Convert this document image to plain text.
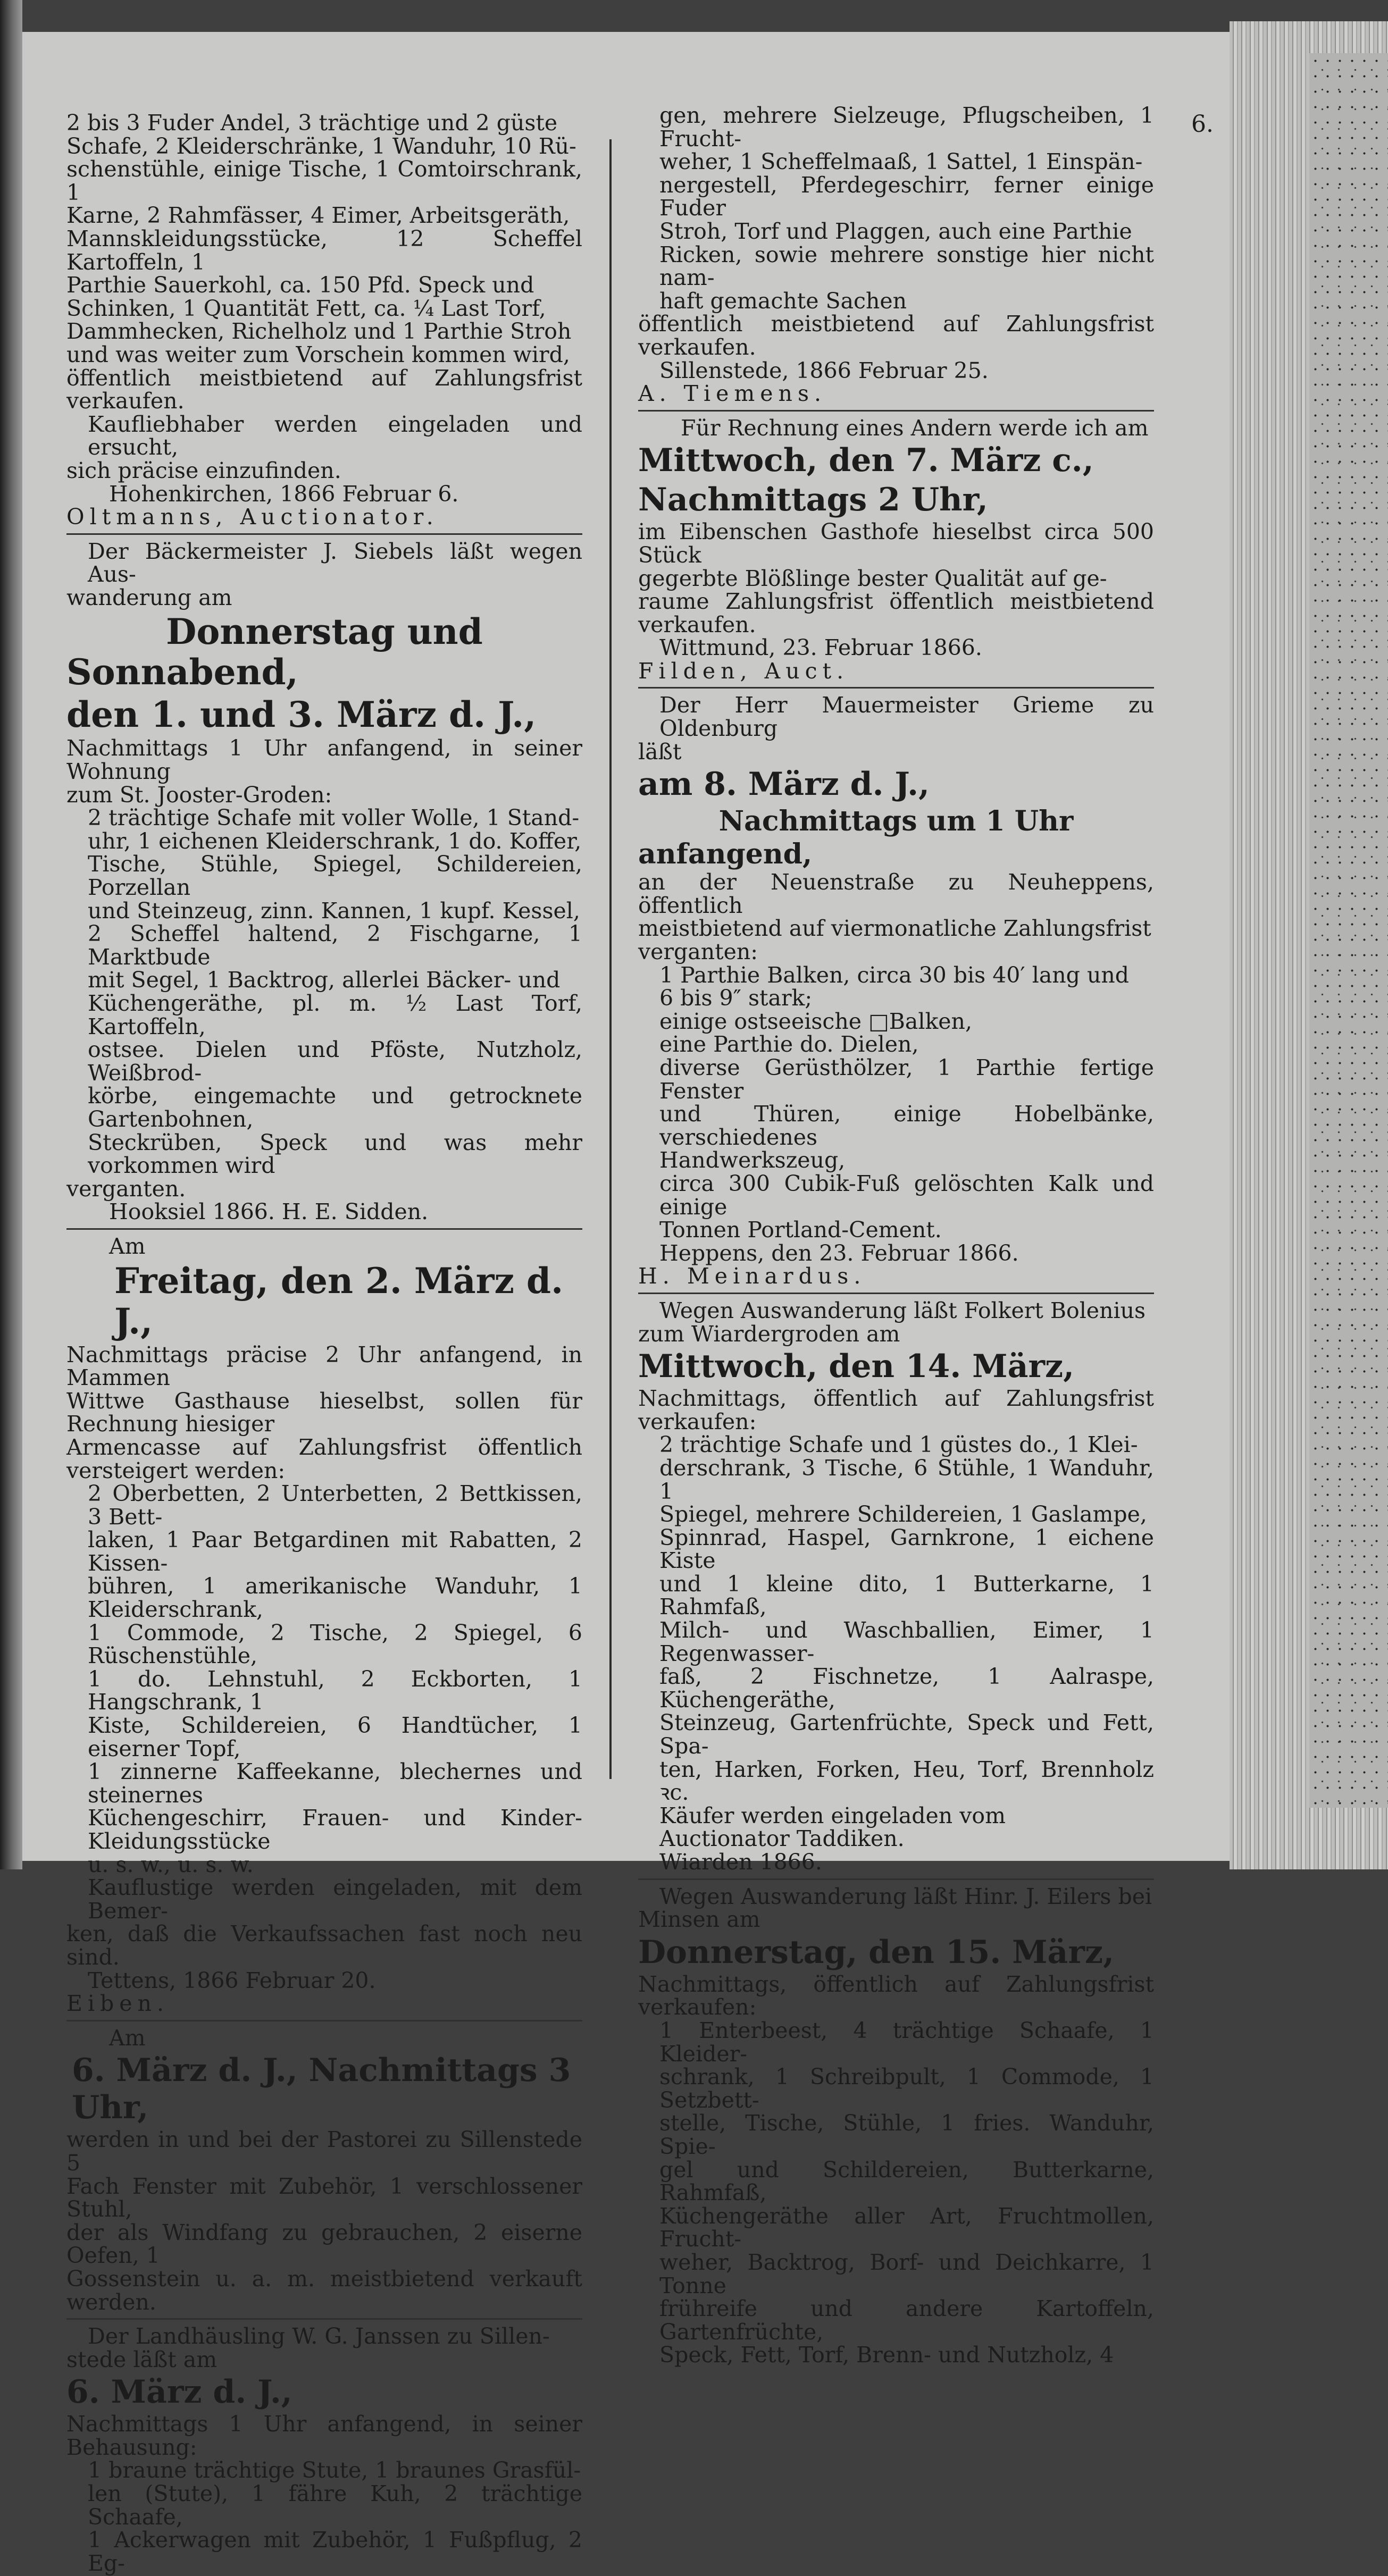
6.

2 bis 3 Fuder Andel, 3 trächtige und 2 güste

Schafe, 2 Kleiderschränke, 1 Wanduhr, 10 Rü-

schenstühle, einige Tische, 1 Comtoirschrank, 1

Karne, 2 Rahmfässer, 4 Eimer, Arbeitsgeräth,

Mannskleidungsstücke, 12 Scheffel Kartoffeln, 1

Parthie Sauerkohl, ca. 150 Pfd. Speck und

Schinken, 1 Quantität Fett, ca. ¼ Last Torf,

Dammhecken, Richelholz und 1 Parthie Stroh

und was weiter zum Vorschein kommen wird,

öffentlich meistbietend auf Zahlungsfrist verkaufen.

Kaufliebhaber werden eingeladen und ersucht,

sich präcise einzufinden.

Hohenkirchen, 1866 Februar 6.

Oltmanns, Auctionator.

Der Bäckermeister J. Siebels läßt wegen Aus-

wanderung am

Donnerstag und Sonnabend,

den 1. und 3. März d. J.,

Nachmittags 1 Uhr anfangend, in seiner Wohnung

zum St. Jooster-Groden:

2 trächtige Schafe mit voller Wolle, 1 Stand-

uhr, 1 eichenen Kleiderschrank, 1 do. Koffer,

Tische, Stühle, Spiegel, Schildereien, Porzellan

und Steinzeug, zinn. Kannen, 1 kupf. Kessel,

2 Scheffel haltend, 2 Fischgarne, 1 Marktbude

mit Segel, 1 Backtrog, allerlei Bäcker- und

Küchengeräthe, pl. m. ½ Last Torf, Kartoffeln,

ostsee. Dielen und Pföste, Nutzholz, Weißbrod-

körbe, eingemachte und getrocknete Gartenbohnen,

Steckrüben, Speck und was mehr vorkommen wird

verganten.

Hooksiel 1866. H. E. Sidden.

Am

Freitag, den 2. März d. J.,

Nachmittags präcise 2 Uhr anfangend, in Mammen

Wittwe Gasthause hieselbst, sollen für Rechnung hiesiger

Armencasse auf Zahlungsfrist öffentlich versteigert werden:

2 Oberbetten, 2 Unterbetten, 2 Bettkissen, 3 Bett-

laken, 1 Paar Betgardinen mit Rabatten, 2 Kissen-

bühren, 1 amerikanische Wanduhr, 1 Kleiderschrank,

1 Commode, 2 Tische, 2 Spiegel, 6 Rüschenstühle,

1 do. Lehnstuhl, 2 Eckborten, 1 Hangschrank, 1

Kiste, Schildereien, 6 Handtücher, 1 eiserner Topf,

1 zinnerne Kaffeekanne, blechernes und steinernes

Küchengeschirr, Frauen- und Kinder-Kleidungsstücke

u. s. w., u. s. w.

Kauflustige werden eingeladen, mit dem Bemer-

ken, daß die Verkaufssachen fast noch neu sind.

Tettens, 1866 Februar 20.

Eiben.

Am

6. März d. J., Nachmittags 3 Uhr,

werden in und bei der Pastorei zu Sillenstede 5

Fach Fenster mit Zubehör, 1 verschlossener Stuhl,

der als Windfang zu gebrauchen, 2 eiserne Oefen, 1

Gossenstein u. a. m. meistbietend verkauft werden.

Der Landhäusling W. G. Janssen zu Sillen-

stede läßt am

6. März d. J.,

Nachmittags 1 Uhr anfangend, in seiner Behausung:

1 braune trächtige Stute, 1 braunes Grasfül-

len (Stute), 1 fähre Kuh, 2 trächtige Schaafe,

1 Ackerwagen mit Zubehör, 1 Fußpflug, 2 Eg-

gen, mehrere Sielzeuge, Pflugscheiben, 1 Frucht-

weher, 1 Scheffelmaaß, 1 Sattel, 1 Einspän-

nergestell, Pferdegeschirr, ferner einige Fuder

Stroh, Torf und Plaggen, auch eine Parthie

Ricken, sowie mehrere sonstige hier nicht nam-

haft gemachte Sachen

öffentlich meistbietend auf Zahlungsfrist verkaufen.

Sillenstede, 1866 Februar 25.

A. Tiemens.

Für Rechnung eines Andern werde ich am

Mittwoch, den 7. März c.,

Nachmittags 2 Uhr,

im Eibenschen Gasthofe hieselbst circa 500 Stück

gegerbte Blößlinge bester Qualität auf ge-

raume Zahlungsfrist öffentlich meistbietend verkaufen.

Wittmund, 23. Februar 1866.

Filden, Auct.

Der Herr Mauermeister Grieme zu Oldenburg

läßt

am 8. März d. J.,

Nachmittags um 1 Uhr anfangend,

an der Neuenstraße zu Neuheppens, öffentlich

meistbietend auf viermonatliche Zahlungsfrist

verganten:

1 Parthie Balken, circa 30 bis 40′ lang und

6 bis 9″ stark;

einige ostseeische □Balken,

eine Parthie do. Dielen,

diverse Gerüsthölzer, 1 Parthie fertige Fenster

und Thüren, einige Hobelbänke, verschiedenes

Handwerkszeug,

circa 300 Cubik-Fuß gelöschten Kalk und einige

Tonnen Portland-Cement.

Heppens, den 23. Februar 1866.

H. Meinardus.

Wegen Auswanderung läßt Folkert Bolenius

zum Wiardergroden am

Mittwoch, den 14. März,

Nachmittags, öffentlich auf Zahlungsfrist verkaufen:

2 trächtige Schafe und 1 güstes do., 1 Klei-

derschrank, 3 Tische, 6 Stühle, 1 Wanduhr, 1

Spiegel, mehrere Schildereien, 1 Gaslampe,

Spinnrad, Haspel, Garnkrone, 1 eichene Kiste

und 1 kleine dito, 1 Butterkarne, 1 Rahmfaß,

Milch- und Waschballien, Eimer, 1 Regenwasser-

faß, 2 Fischnetze, 1 Aalraspe, Küchengeräthe,

Steinzeug, Gartenfrüchte, Speck und Fett, Spa-

ten, Harken, Forken, Heu, Torf, Brennholz ꝛc.

Käufer werden eingeladen vom

Auctionator Taddiken.

Wiarden 1866.

Wegen Auswanderung läßt Hinr. J. Eilers bei

Minsen am

Donnerstag, den 15. März,

Nachmittags, öffentlich auf Zahlungsfrist verkaufen:

1 Enterbeest, 4 trächtige Schaafe, 1 Kleider-

schrank, 1 Schreibpult, 1 Commode, 1 Setzbett-

stelle, Tische, Stühle, 1 fries. Wanduhr, Spie-

gel und Schildereien, Butterkarne, Rahmfaß,

Küchengeräthe aller Art, Fruchtmollen, Frucht-

weher, Backtrog, Borf- und Deichkarre, 1 Tonne

frühreife und andere Kartoffeln, Gartenfrüchte,

Speck, Fett, Torf, Brenn- und Nutzholz, 4
